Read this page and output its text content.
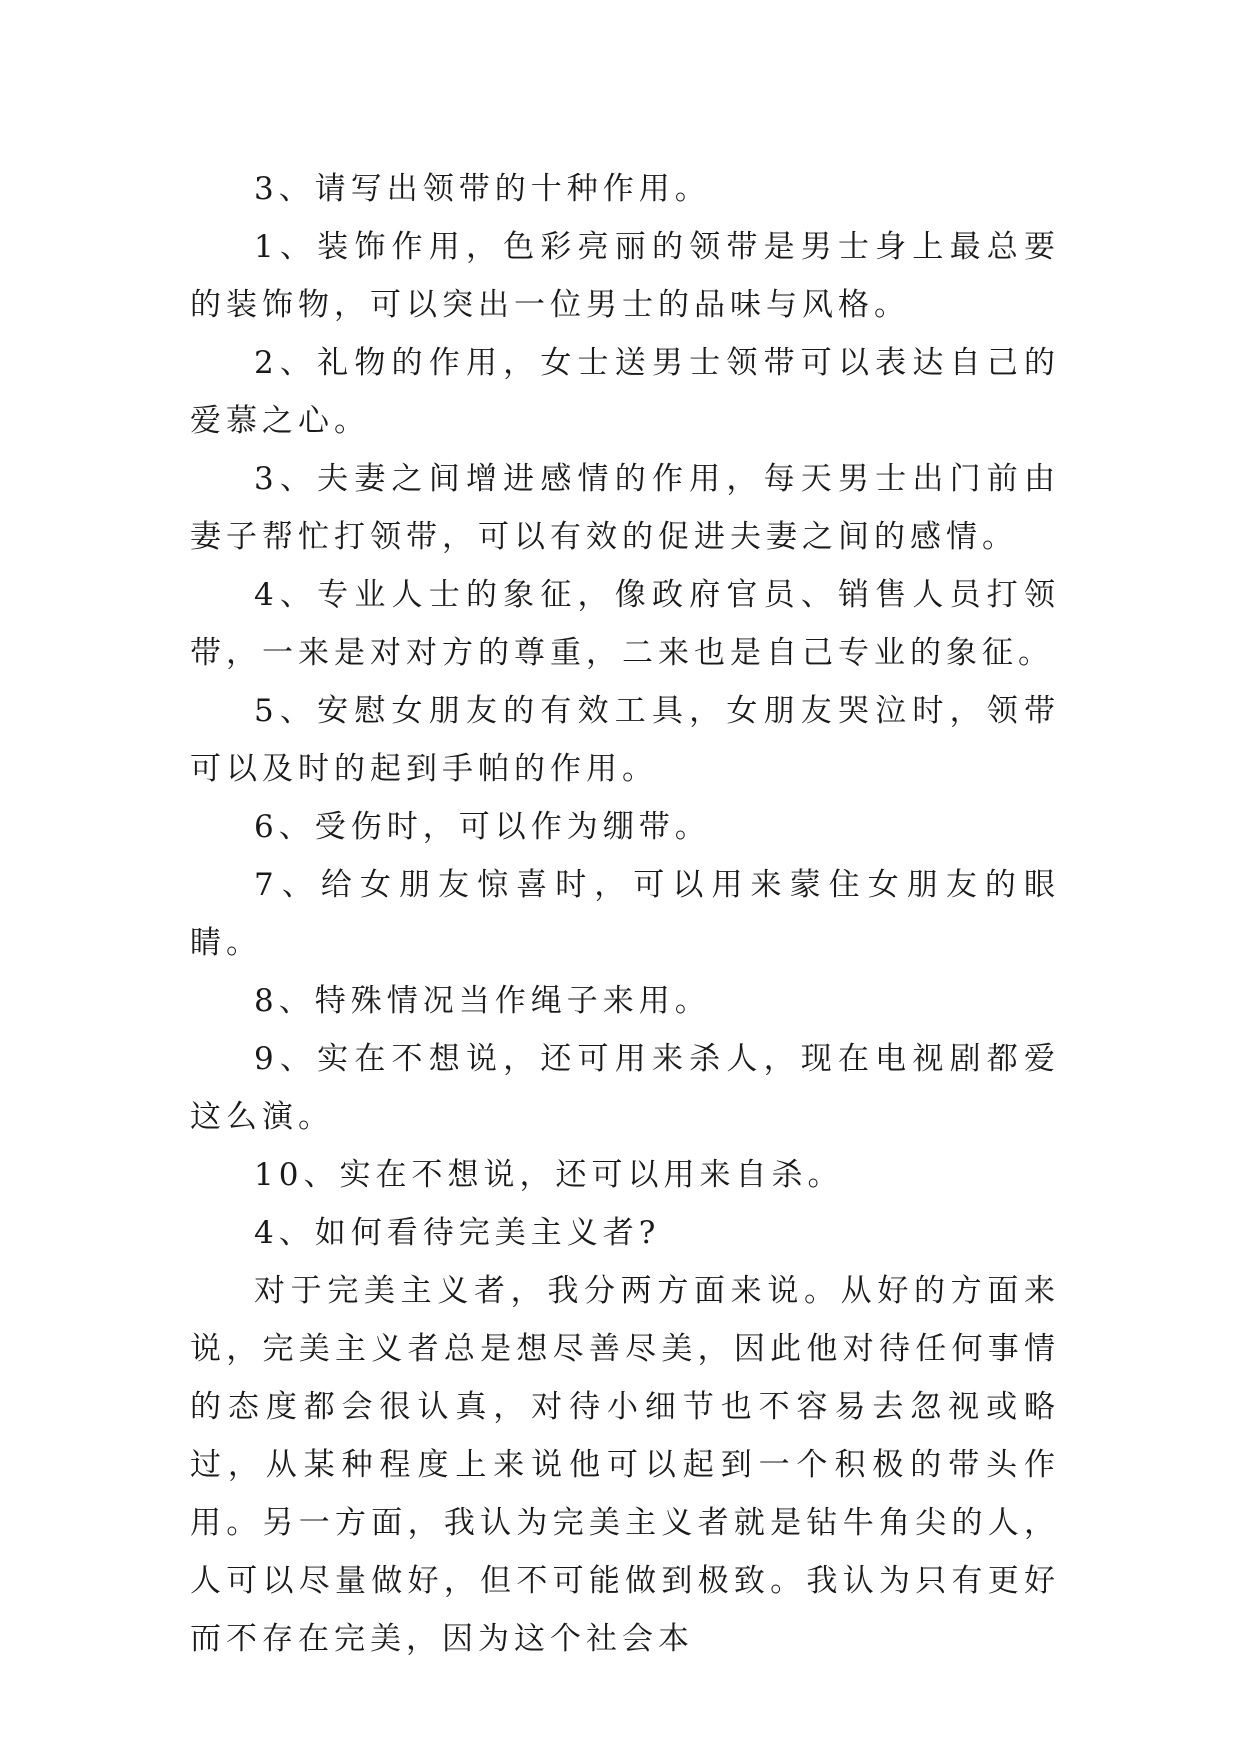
3、请写出领带的十种作用。

1、装饰作用，色彩亮丽的领带是男士身上最总要的装饰物，可以突出一位男士的品味与风格。

2、礼物的作用，女士送男士领带可以表达自己的爱慕之心。

3、夫妻之间增进感情的作用，每天男士出门前由妻子帮忙打领带，可以有效的促进夫妻之间的感情。

4、专业人士的象征，像政府官员、销售人员打领带，一来是对对方的尊重，二来也是自己专业的象征。

5、安慰女朋友的有效工具，女朋友哭泣时，领带可以及时的起到手帕的作用。

6、受伤时，可以作为绷带。

7、给女朋友惊喜时，可以用来蒙住女朋友的眼睛。

8、特殊情况当作绳子来用。

9、实在不想说，还可用来杀人，现在电视剧都爱这么演。

10、实在不想说，还可以用来自杀。

4、如何看待完美主义者?

对于完美主义者，我分两方面来说。从好的方面来说，完美主义者总是想尽善尽美，因此他对待任何事情的态度都会很认真，对待小细节也不容易去忽视或略过，从某种程度上来说他可以起到一个积极的带头作用。另一方面，我认为完美主义者就是钻牛角尖的人，人可以尽量做好，但不可能做到极致。我认为只有更好而不存在完美，因为这个社会本
